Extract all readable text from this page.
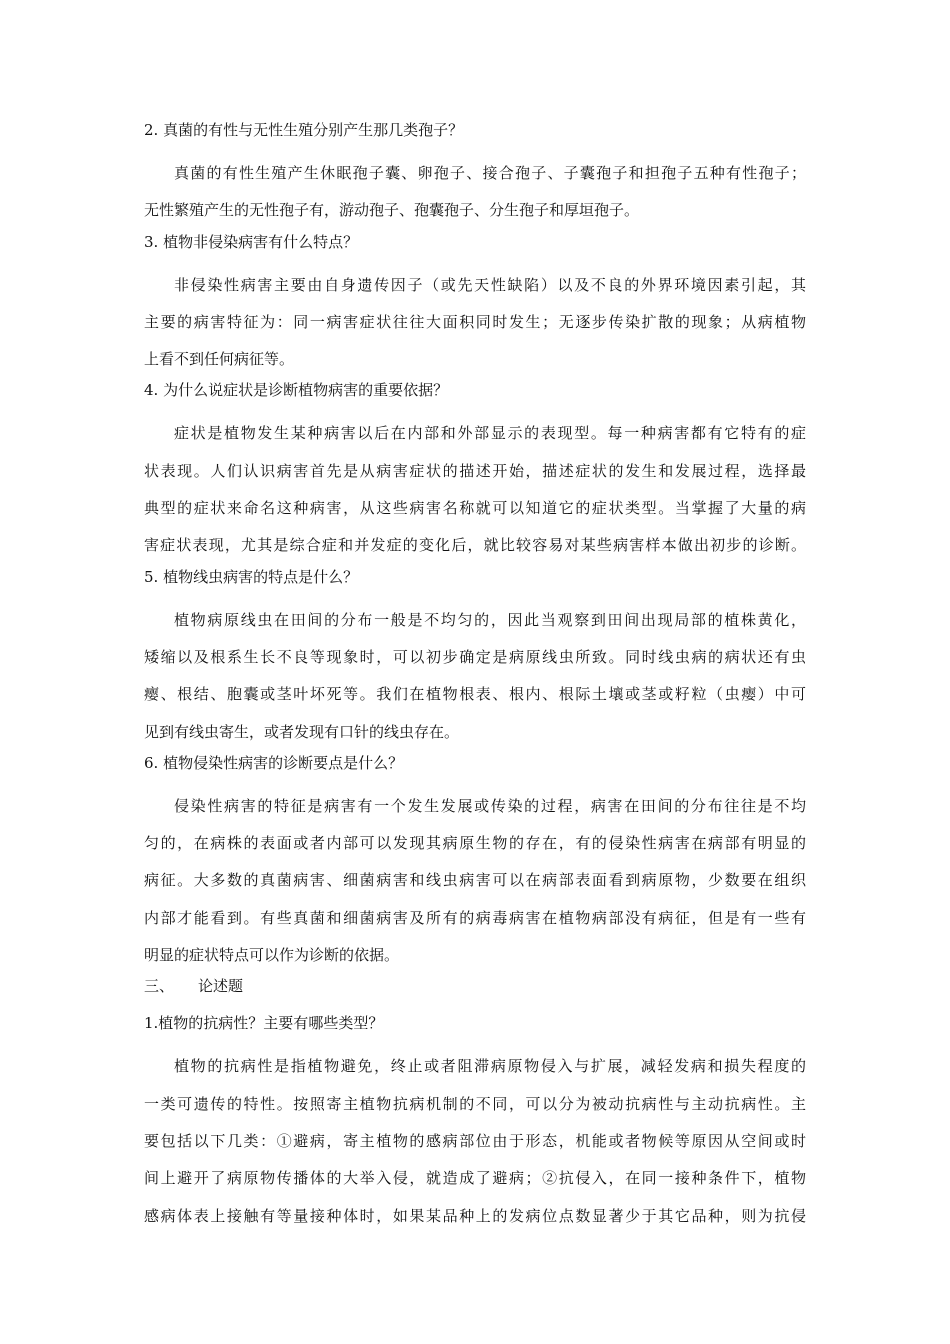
2. 真菌的有性与无性生殖分别产生那几类孢子？
真菌的有性生殖产生休眠孢子囊、卵孢子、接合孢子、子囊孢子和担孢子五种有性孢子；
无性繁殖产生的无性孢子有，游动孢子、孢囊孢子、分生孢子和厚垣孢子。
3. 植物非侵染病害有什么特点？
非侵染性病害主要由自身遗传因子（或先天性缺陷）以及不良的外界环境因素引起，其
主要的病害特征为：同一病害症状往往大面积同时发生；无逐步传染扩散的现象；从病植物
上看不到任何病征等。
4. 为什么说症状是诊断植物病害的重要依据？
症状是植物发生某种病害以后在内部和外部显示的表现型。每一种病害都有它特有的症
状表现。人们认识病害首先是从病害症状的描述开始，描述症状的发生和发展过程，选择最
典型的症状来命名这种病害，从这些病害名称就可以知道它的症状类型。当掌握了大量的病
害症状表现，尤其是综合症和并发症的变化后，就比较容易对某些病害样本做出初步的诊断。
5. 植物线虫病害的特点是什么？
植物病原线虫在田间的分布一般是不均匀的，因此当观察到田间出现局部的植株黄化，
矮缩以及根系生长不良等现象时，可以初步确定是病原线虫所致。同时线虫病的病状还有虫
瘿、根结、胞囊或茎叶坏死等。我们在植物根表、根内、根际土壤或茎或籽粒（虫瘿）中可
见到有线虫寄生，或者发现有口针的线虫存在。
6. 植物侵染性病害的诊断要点是什么？
侵染性病害的特征是病害有一个发生发展或传染的过程，病害在田间的分布往往是不均
匀的，在病株的表面或者内部可以发现其病原生物的存在，有的侵染性病害在病部有明显的
病征。大多数的真菌病害、细菌病害和线虫病害可以在病部表面看到病原物，少数要在组织
内部才能看到。有些真菌和细菌病害及所有的病毒病害在植物病部没有病征，但是有一些有
明显的症状特点可以作为诊断的依据。
三、 论述题
1.植物的抗病性？主要有哪些类型？
植物的抗病性是指植物避免，终止或者阻滞病原物侵入与扩展，减轻发病和损失程度的
一类可遗传的特性。按照寄主植物抗病机制的不同，可以分为被动抗病性与主动抗病性。主
要包括以下几类：①避病，寄主植物的感病部位由于形态，机能或者物候等原因从空间或时
间上避开了病原物传播体的大举入侵，就造成了避病；②抗侵入，在同一接种条件下，植物
感病体表上接触有等量接种体时，如果某品种上的发病位点数显著少于其它品种，则为抗侵
